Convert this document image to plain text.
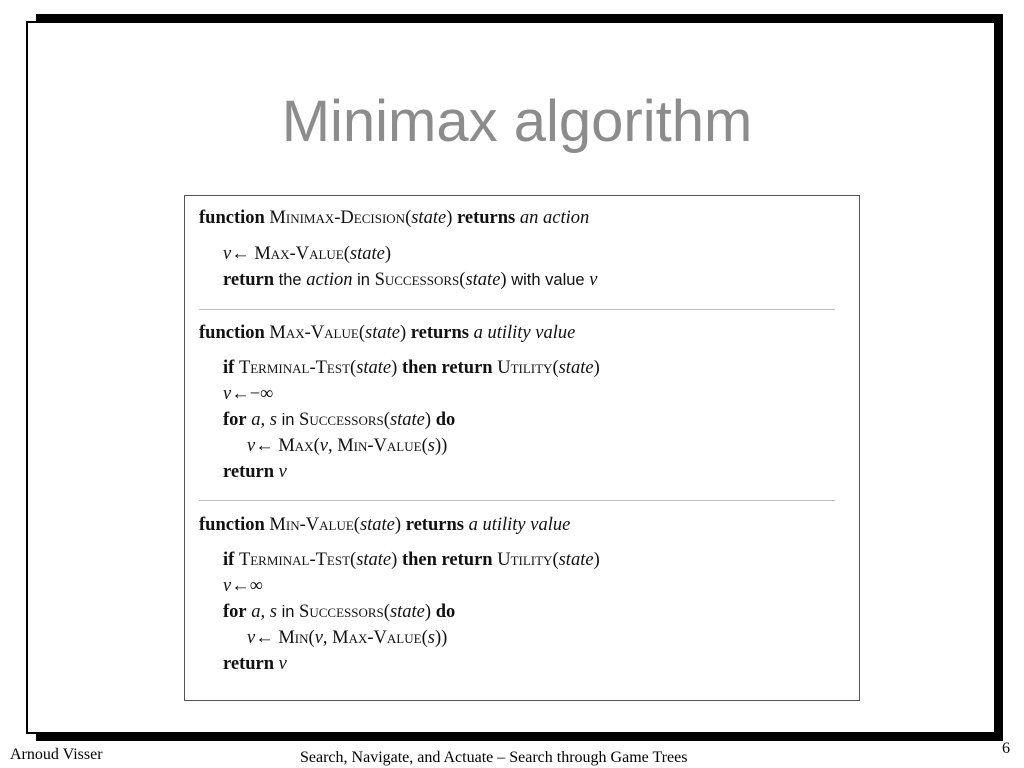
Minimax algorithm
function Minimax-Decision(state) returns an action
v← Max-Value(state)
return the action in Successors(state) with value v
function Max-Value(state) returns a utility value
if Terminal-Test(state) then return Utility(state)
v←−∞
for a, s in Successors(state) do
v← Max(v, Min-Value(s))
return v
function Min-Value(state) returns a utility value
if Terminal-Test(state) then return Utility(state)
v←∞
for a, s in Successors(state) do
v← Min(v, Max-Value(s))
return v
Arnoud Visser	Search, Navigate, and Actuate – Search through Game Trees
6
